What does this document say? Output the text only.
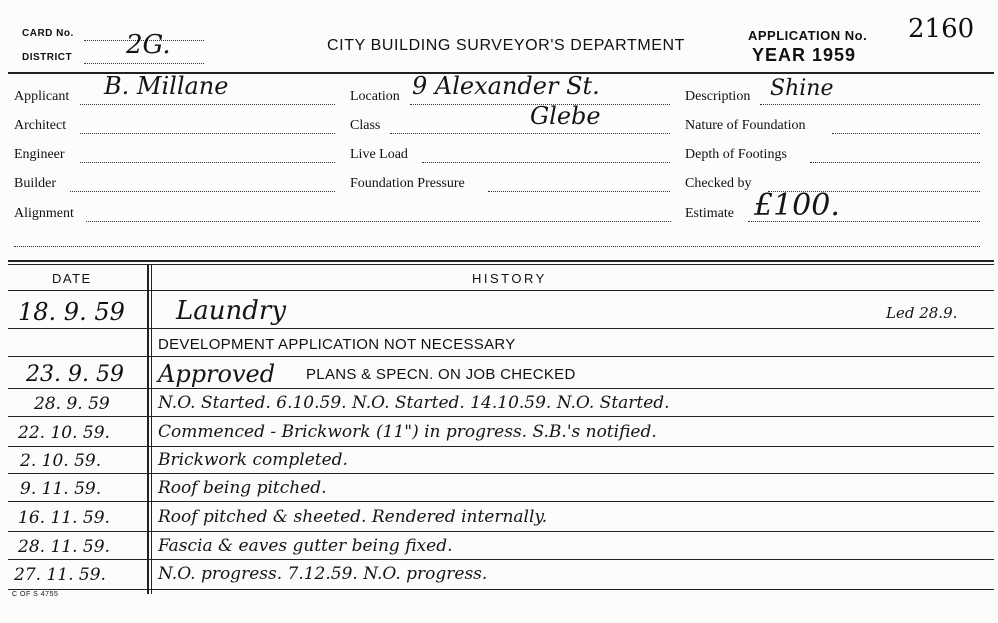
CARD No.
DISTRICT 2G.	CITY BUILDING SURVEYOR'S DEPARTMENT
APPLICATION No. 2160
YEAR 1959
Applicant B. Millane
Architect
Engineer
Builder
Alignment
Location 9 Alexander St.
Class	Glebe
Live Load
Foundation Pressure
Description Shine
Nature of Foundation
Depth of Footings
Checked by
Estimate £100.
DATE	HISTORY
18. 9. 59 Laundry	Led 28.9.
DEVELOPMENT APPLICATION NOT NECESSARY
23. 9. 59 Approved PLANS & SPECN. ON JOB CHECKED
28. 9. 59	N.O. Started. 6.10.59. N.O. Started. 14.10.59. N.O. Started.
22. 10. 59.	Commenced - Brickwork (11") in progress. S.B.'s notified.
2. 10. 59.	Brickwork completed.
9. 11. 59.	Roof being pitched.
16. 11. 59.	Roof pitched & sheeted. Rendered internally.
28. 11. 59.	Fascia & eaves gutter being fixed.
27. 11. 59.	N.O. progress. 7.12.59. N.O. progress.
C OF S 4755
